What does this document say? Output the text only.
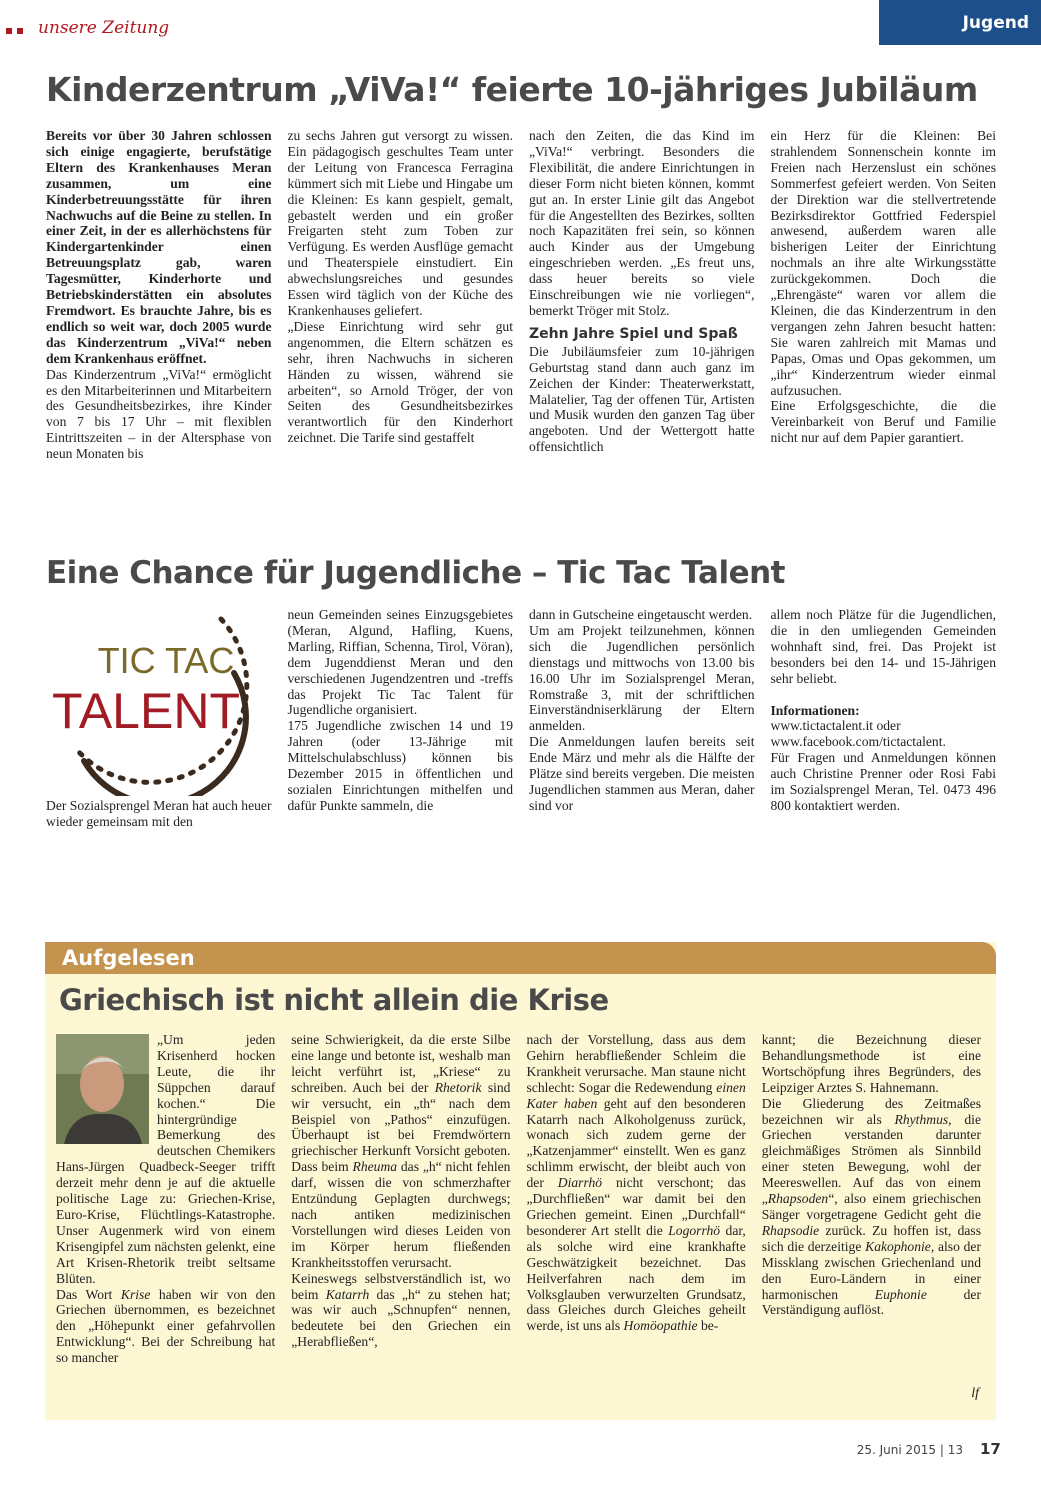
unsere Zeitung	Jugend
Kinderzentrum „ViVa!“ feierte 10-jähriges Jubiläum

Bereits vor über 30 Jahren schlossen sich einige engagierte, berufstätige Eltern des Krankenhauses Meran zusammen, um eine Kinderbetreuungsstätte für ihren Nachwuchs auf die Beine zu stellen. In einer Zeit, in der es allerhöchstens für Kindergartenkinder einen Betreuungsplatz gab, waren Tagesmütter, Kinderhorte und Betriebskinderstätten ein absolutes Fremdwort. Es brauchte Jahre, bis es endlich so weit war, doch 2005 wurde das Kinderzentrum „ViVa!“ neben dem Krankenhaus eröffnet.

Das Kinderzentrum „ViVa!“ ermöglicht es den Mitarbeiterinnen und Mitarbeitern des Gesundheitsbezirkes, ihre Kinder von 7 bis 17 Uhr – mit flexiblen Eintrittszeiten – in der Altersphase von neun Monaten bis

zu sechs Jahren gut versorgt zu wissen. Ein pädagogisch geschultes Team unter der Leitung von Francesca Ferragina kümmert sich mit Liebe und Hingabe um die Kleinen: Es kann gespielt, gemalt, gebastelt werden und ein großer Freigarten steht zum Toben zur Verfügung. Es werden Ausflüge gemacht und Theaterspiele einstudiert. Ein abwechslungsreiches und gesundes Essen wird täglich von der Küche des Krankenhauses geliefert.

„Diese Einrichtung wird sehr gut angenommen, die Eltern schätzen es sehr, ihren Nachwuchs in sicheren Händen zu wissen, während sie arbeiten“, so Arnold Tröger, der von Seiten des Gesundheitsbezirkes verantwortlich für den Kinderhort zeichnet. Die Tarife sind gestaffelt

nach den Zeiten, die das Kind im „ViVa!“ verbringt. Besonders die Flexibilität, die andere Einrichtungen in dieser Form nicht bieten können, kommt gut an. In erster Linie gilt das Angebot für die Angestellten des Bezirkes, sollten noch Kapazitäten frei sein, so können auch Kinder aus der Umgebung eingeschrieben werden. „Es freut uns, dass heuer bereits so viele Einschreibungen wie nie vorliegen“, bemerkt Tröger mit Stolz.

Zehn Jahre Spiel und Spaß

Die Jubiläumsfeier zum 10-jährigen Geburtstag stand dann auch ganz im Zeichen der Kinder: Theaterwerkstatt, Malatelier, Tag der offenen Tür, Artisten und Musik wurden den ganzen Tag über angeboten. Und der Wettergott hatte offensichtlich

ein Herz für die Kleinen: Bei strahlendem Sonnenschein konnte im Freien nach Herzenslust ein schönes Sommerfest gefeiert werden. Von Seiten der Direktion war die stellvertretende Bezirksdirektor Gottfried Federspiel anwesend, außerdem waren alle bisherigen Leiter der Einrichtung nochmals an ihre alte Wirkungsstätte zurückgekommen. Doch die „Ehrengäste“ waren vor allem die Kleinen, die das Kinderzentrum in den vergangen zehn Jahren besucht hatten: Sie waren zahlreich mit Mamas und Papas, Omas und Opas gekommen, um „ihr“ Kinderzentrum wieder einmal aufzusuchen.

Eine Erfolgsgeschichte, die die Vereinbarkeit von Beruf und Familie nicht nur auf dem Papier garantiert.

Eine Chance für Jugendliche – Tic Tac Talent
TIC TAC
TALENT

Der Sozialsprengel Meran hat auch heuer wieder gemeinsam mit den

neun Gemeinden seines Einzugsgebietes (Meran, Algund, Hafling, Kuens, Marling, Riffian, Schenna, Tirol, Vöran), dem Jugenddienst Meran und den verschiedenen Jugendzentren und -treffs das Projekt Tic Tac Talent für Jugendliche organisiert.

175 Jugendliche zwischen 14 und 19 Jahren (oder 13-Jährige mit Mittelschulabschluss) können bis Dezember 2015 in öffentlichen und sozialen Einrichtungen mithelfen und dafür Punkte sammeln, die

dann in Gutscheine eingetauscht werden.

Um am Projekt teilzunehmen, können sich die Jugendlichen persönlich dienstags und mittwochs von 13.00 bis 16.00 Uhr im Sozialsprengel Meran, Romstraße 3, mit der schriftlichen Einverständniserklärung der Eltern anmelden.

Die Anmeldungen laufen bereits seit Ende März und mehr als die Hälfte der Plätze sind bereits vergeben. Die meisten Jugendlichen stammen aus Meran, daher sind vor

allem noch Plätze für die Jugendlichen, die in den umliegenden Gemeinden wohnhaft sind, frei. Das Projekt ist besonders bei den 14- und 15-Jährigen sehr beliebt.

Informationen:

www.tictactalent.it oder

www.facebook.com/tictactalent.

Für Fragen und Anmeldungen können auch Christine Prenner oder Rosi Fabi im Sozialsprengel Meran, Tel. 0473 496 800 kontaktiert werden.

Aufgelesen
Griechisch ist nicht allein die Krise

„Um jeden Krisenherd hocken Leute, die ihr Süppchen darauf kochen.“ Die hintergründige Bemerkung des deutschen Chemikers Hans-Jürgen Quadbeck-Seeger trifft derzeit mehr denn je auf die aktuelle politische Lage zu: Griechen-Krise, Euro-Krise, Flüchtlings-Katastrophe. Unser Augenmerk wird von einem Krisengipfel zum nächsten gelenkt, eine Art Krisen-Rhetorik treibt seltsame Blüten.

Das Wort Krise haben wir von den Griechen übernommen, es bezeichnet den „Höhepunkt einer gefahrvollen Entwicklung“. Bei der Schreibung hat so mancher

seine Schwierigkeit, da die erste Silbe eine lange und betonte ist, weshalb man leicht verführt ist, „Kriese“ zu schreiben. Auch bei der Rhetorik sind wir versucht, ein „th“ nach dem Beispiel von „Pathos“ einzufügen. Überhaupt ist bei Fremdwörtern griechischer Herkunft Vorsicht geboten. Dass beim Rheuma das „h“ nicht fehlen darf, wissen die von schmerzhafter Entzündung Geplagten durchwegs; nach antiken medizinischen Vorstellungen wird dieses Leiden von im Körper herum fließenden Krankheitsstoffen verursacht.

Keineswegs selbstverständlich ist, wo beim Katarrh das „h“ zu stehen hat; was wir auch „Schnupfen“ nennen, bedeutete bei den Griechen ein „Herabfließen“,

nach der Vorstellung, dass aus dem Gehirn herabfließender Schleim die Krankheit verursache. Man staune nicht schlecht: Sogar die Redewendung einen Kater haben geht auf den besonderen Katarrh nach Alkoholgenuss zurück, wonach sich zudem gerne der „Katzenjammer“ einstellt. Wen es ganz schlimm erwischt, der bleibt auch von der Diarrhö nicht verschont; das „Durchfließen“ war damit bei den Griechen gemeint. Einen „Durchfall“ besonderer Art stellt die Logorrhö dar, als solche wird eine krankhafte Geschwätzigkeit bezeichnet. Das Heilverfahren nach dem im Volksglauben verwurzelten Grundsatz, dass Gleiches durch Gleiches geheilt werde, ist uns als Homöopathie be-

kannt; die Bezeichnung dieser Behandlungsmethode ist eine Wortschöpfung ihres Begründers, des Leipziger Arztes S. Hahnemann.

Die Gliederung des Zeitmaßes bezeichnen wir als Rhythmus, die Griechen verstanden darunter gleichmäßiges Strömen als Sinnbild einer steten Bewegung, wohl der Meereswellen. Auf das von einem „Rhapsoden“, also einem griechischen Sänger vorgetragene Gedicht geht die Rhapsodie zurück. Zu hoffen ist, dass sich die derzeitige Kakophonie, also der Missklang zwischen Griechenland und den Euro-Ländern in einer harmonischen Euphonie der Verständigung auflöst.

lf
25. Juni 2015 | 13 17
